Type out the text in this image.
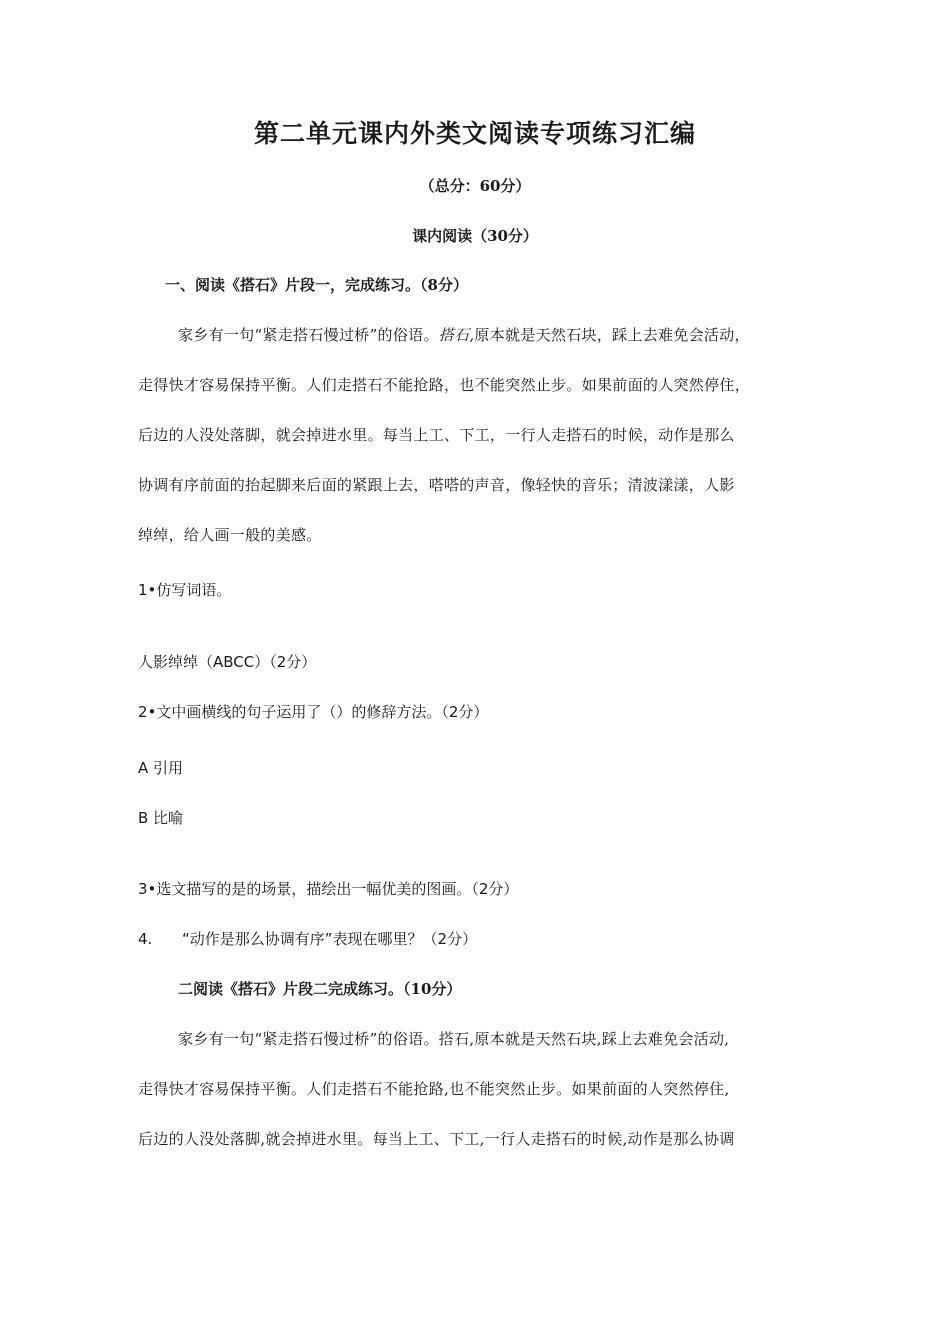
第二单元课内外类文阅读专项练习汇编
（总分：60分）
课内阅读（30分）
一、阅读《搭石》片段一，完成练习。（8分）
家乡有一句“紧走搭石慢过桥”的俗语。搭石,原本就是天然石块，踩上去难免会活动，
走得快才容易保持平衡。人们走搭石不能抢路，也不能突然止步。如果前面的人突然停住，
后边的人没处落脚，就会掉进水里。每当上工、下工，一行人走搭石的时候，动作是那么
协调有序前面的抬起脚来后面的紧跟上去，嗒嗒的声音，像轻快的音乐；清波漾漾，人影
绰绰，给人画一般的美感。
1•仿写词语。
人影绰绰（ABCC）（2分）
2•文中画横线的句子运用了（）的修辞方法。（2分）
A 引用
B 比喻
3•选文描写的是的场景，描绘出一幅优美的图画。（2分）
4. “动作是那么协调有序”表现在哪里？（2分）
二阅读《搭石》片段二完成练习。（10分）
家乡有一句“紧走搭石慢过桥”的俗语。搭石,原本就是天然石块,踩上去难免会活动,
走得快才容易保持平衡。人们走搭石不能抢路,也不能突然止步。如果前面的人突然停住,
后边的人没处落脚,就会掉进水里。每当上工、下工,一行人走搭石的时候,动作是那么协调
